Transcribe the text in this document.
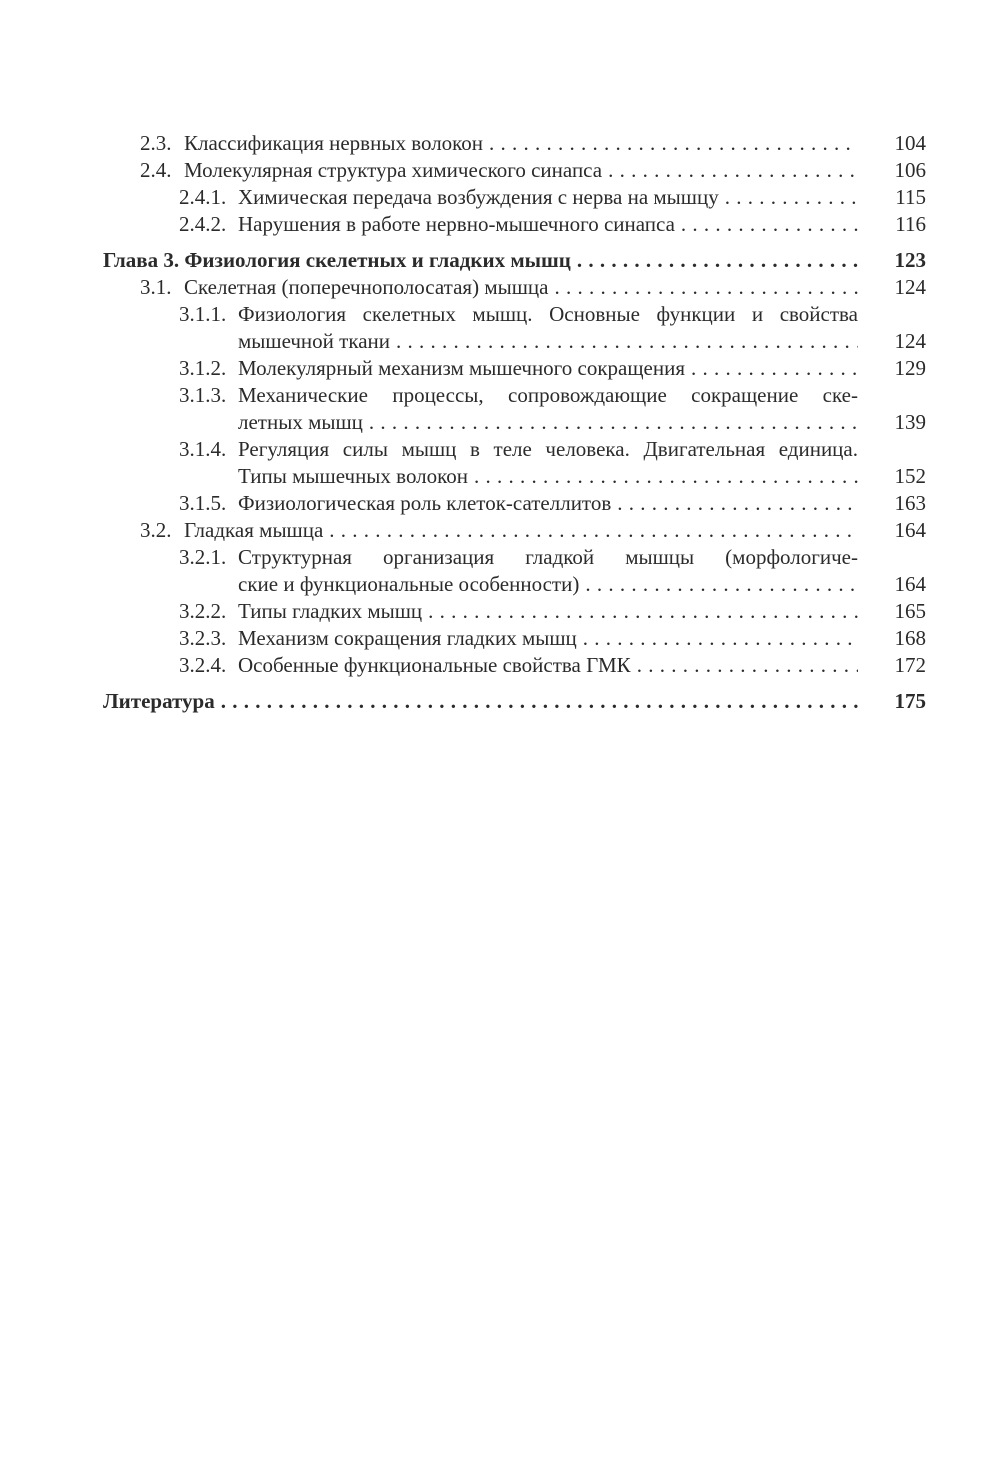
2.3. Классификация нервных волокон . . .	104
2.4. Молекулярная структура химического синапса . . .	106
2.4.1. Химическая передача возбуждения с нерва на мышцу . . .	115
2.4.2. Нарушения в работе нервно-мышечного синапса . . .	116
Глава 3. Физиология скелетных и гладких мышц . . .	123
3.1. Скелетная (поперечнополосатая) мышца . . .	124
3.1.1. Физиология скелетных мышц. Основные функции и свойства
мышечной ткани . . .	124
3.1.2. Молекулярный механизм мышечного сокращения . . .	129
3.1.3. Механические процессы, сопровождающие сокращение ске-
летных мышц . . .	139
3.1.4. Регуляция силы мышц в теле человека. Двигательная единица.
Типы мышечных волокон . . .	152
3.1.5. Физиологическая роль клеток-сателлитов . . .	163
3.2. Гладкая мышца . . .	164
3.2.1. Структурная организация гладкой мышцы (морфологиче-
ские и функциональные особенности) . . .	164
3.2.2. Типы гладких мышц . . .	165
3.2.3. Механизм сокращения гладких мышц . . .	168
3.2.4. Особенные функциональные свойства ГМК . . .	172
Литература . . .	175
